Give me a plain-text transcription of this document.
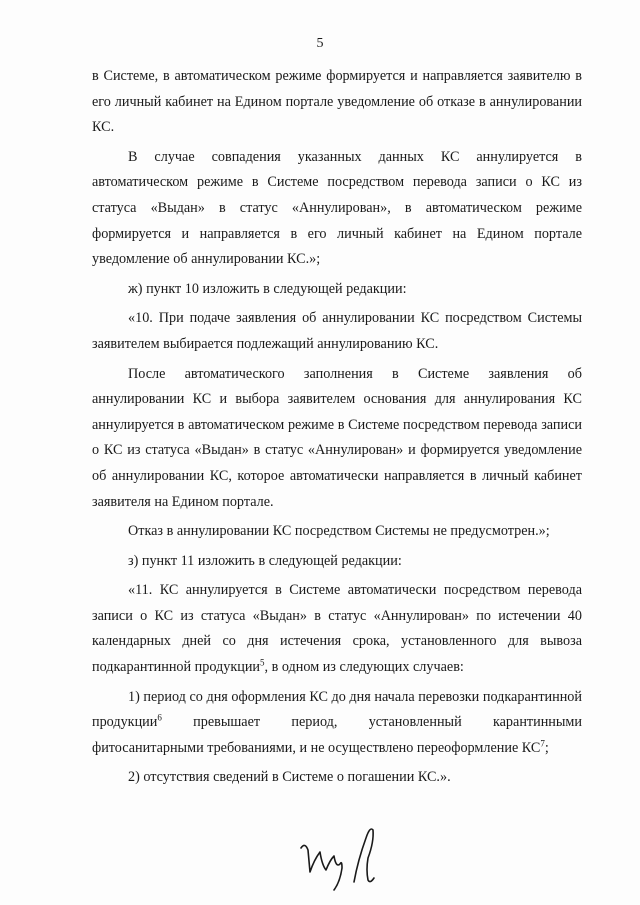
5

в Системе, в автоматическом режиме формируется и направляется заявителю в его личный кабинет на Едином портале уведомление об отказе в аннулировании КС.

В случае совпадения указанных данных КС аннулируется в автоматическом режиме в Системе посредством перевода записи о КС из статуса «Выдан» в статус «Аннулирован», в автоматическом режиме формируется и направляется в его личный кабинет на Едином портале уведомление об аннулировании КС.»;

ж) пункт 10 изложить в следующей редакции:

«10. При подаче заявления об аннулировании КС посредством Системы заявителем выбирается подлежащий аннулированию КС.

После автоматического заполнения в Системе заявления об аннулировании КС и выбора заявителем основания для аннулирования КС аннулируется в автоматическом режиме в Системе посредством перевода записи о КС из статуса «Выдан» в статус «Аннулирован» и формируется уведомление об аннулировании КС, которое автоматически направляется в личный кабинет заявителя на Едином портале.

Отказ в аннулировании КС посредством Системы не предусмотрен.»;

з) пункт 11 изложить в следующей редакции:

«11. КС аннулируется в Системе автоматически посредством перевода записи о КС из статуса «Выдан» в статус «Аннулирован» по истечении 40 календарных дней со дня истечения срока, установленного для вывоза подкарантинной продукции$^5$, в одном из следующих случаев:

1) период со дня оформления КС до дня начала перевозки подкарантинной продукции$^6$ превышает период, установленный карантинными фитосанитарными требованиями, и не осуществлено переоформление $КС^7$;

2) отсутствия сведений в Системе о погашении КС.».
